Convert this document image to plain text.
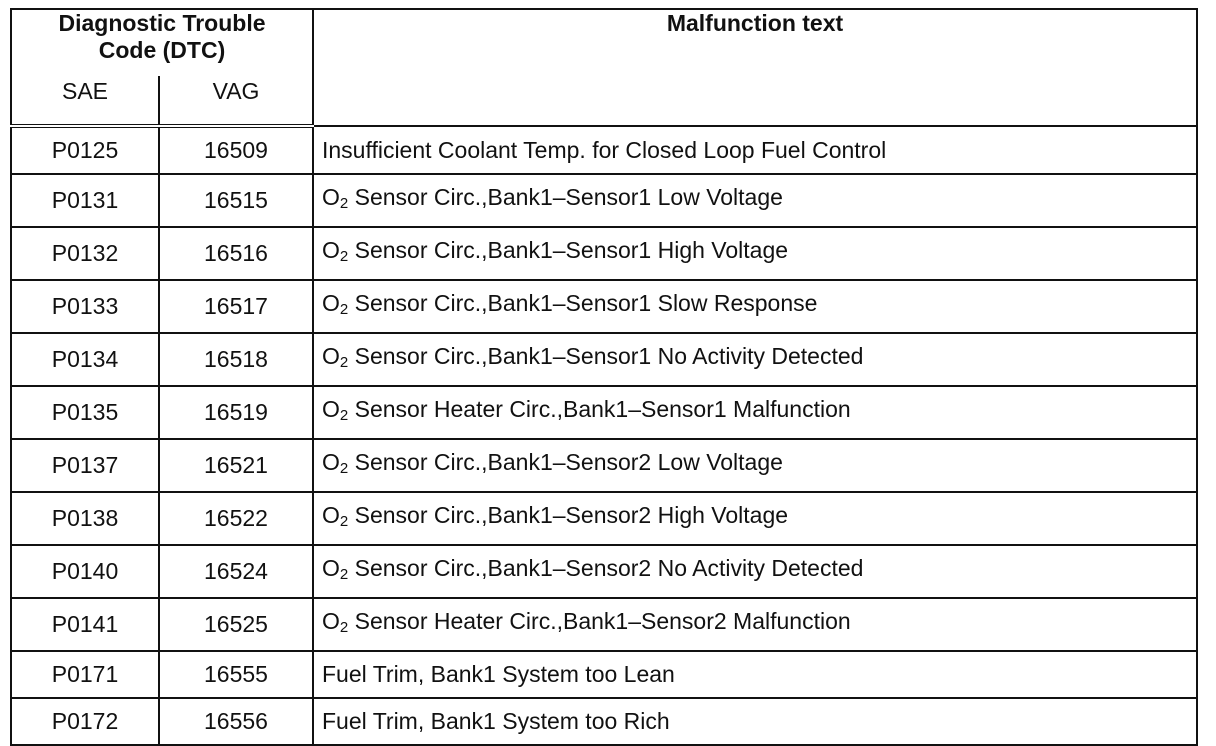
Diagnostic Trouble
Code (DTC)		Malfunction text
SAE	VAG	
P0125	16509	Insufficient Coolant Temp. for Closed Loop Fuel Control
P0131	16515	$O_2$ Sensor Circ.,Bank1–Sensor1 Low Voltage
P0132	16516	$O_2$ Sensor Circ.,Bank1–Sensor1 High Voltage
P0133	16517	$O_2$ Sensor Circ.,Bank1–Sensor1 Slow Response
P0134	16518	$O_2$ Sensor Circ.,Bank1–Sensor1 No Activity Detected
P0135	16519	$O_2$ Sensor Heater Circ.,Bank1–Sensor1 Malfunction
P0137	16521	$O_2$ Sensor Circ.,Bank1–Sensor2 Low Voltage
P0138	16522	$O_2$ Sensor Circ.,Bank1–Sensor2 High Voltage
P0140	16524	$O_2$ Sensor Circ.,Bank1–Sensor2 No Activity Detected
P0141	16525	$O_2$ Sensor Heater Circ.,Bank1–Sensor2 Malfunction
P0171	16555	Fuel Trim, Bank1 System too Lean
P0172	16556	Fuel Trim, Bank1 System too Rich
